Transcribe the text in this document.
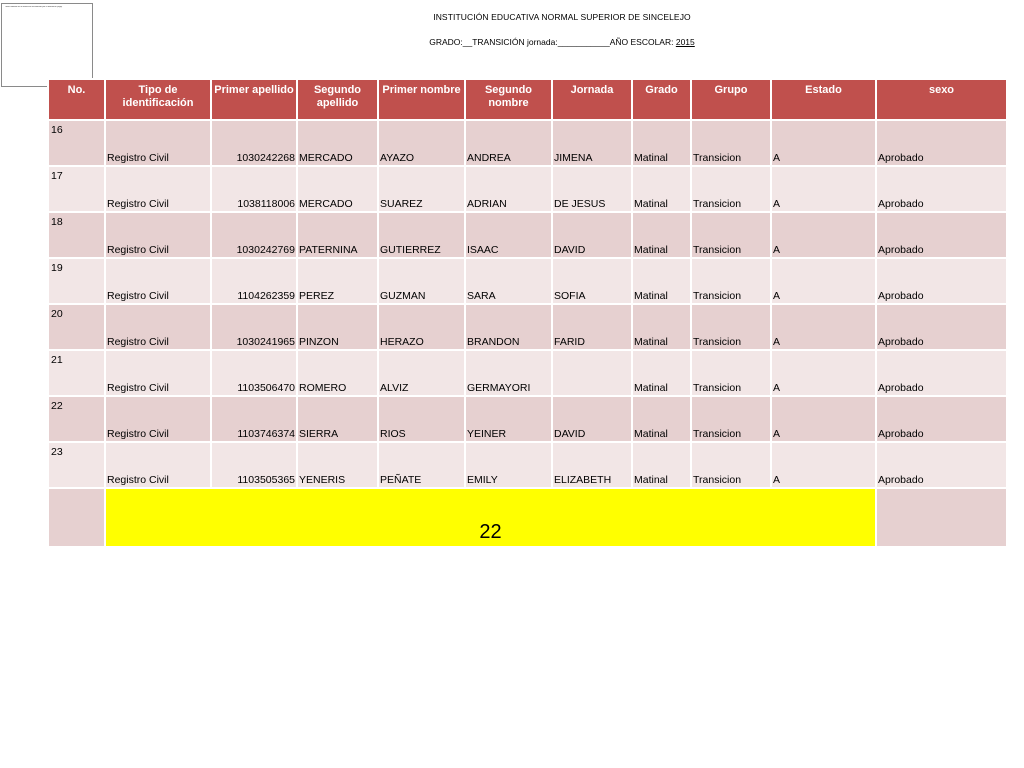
Texto nombre de la institución reconocida por el ministerio (logo)
INSTITUCIÓN EDUCATIVA NORMAL SUPERIOR DE SINCELEJO
GRADO:__TRANSICIÓN jornada:___________AÑO ESCOLAR: 2015
No.	Tipo de identificación	Primer apellido	Segundo apellido	Primer nombre	Segundo nombre	Jornada	Grado	Grupo	Estado	sexo
16	Registro Civil	1030242268	MERCADO	AYAZO	ANDREA	JIMENA	Matinal	Transicion	A	Aprobado
17	Registro Civil	1038118006	MERCADO	SUAREZ	ADRIAN	DE JESUS	Matinal	Transicion	A	Aprobado
18	Registro Civil	1030242769	PATERNINA	GUTIERREZ	ISAAC	DAVID	Matinal	Transicion	A	Aprobado
19	Registro Civil	1104262359	PEREZ	GUZMAN	SARA	SOFIA	Matinal	Transicion	A	Aprobado
20	Registro Civil	1030241965	PINZON	HERAZO	BRANDON	FARID	Matinal	Transicion	A	Aprobado
21	Registro Civil	1103506470	ROMERO	ALVIZ	GERMAYORI		Matinal	Transicion	A	Aprobado
22	Registro Civil	1103746374	SIERRA	RIOS	YEINER	DAVID	Matinal	Transicion	A	Aprobado
23	Registro Civil	1103505365	YENERIS	PEÑATE	EMILY	ELIZABETH	Matinal	Transicion	A	Aprobado
	22									
